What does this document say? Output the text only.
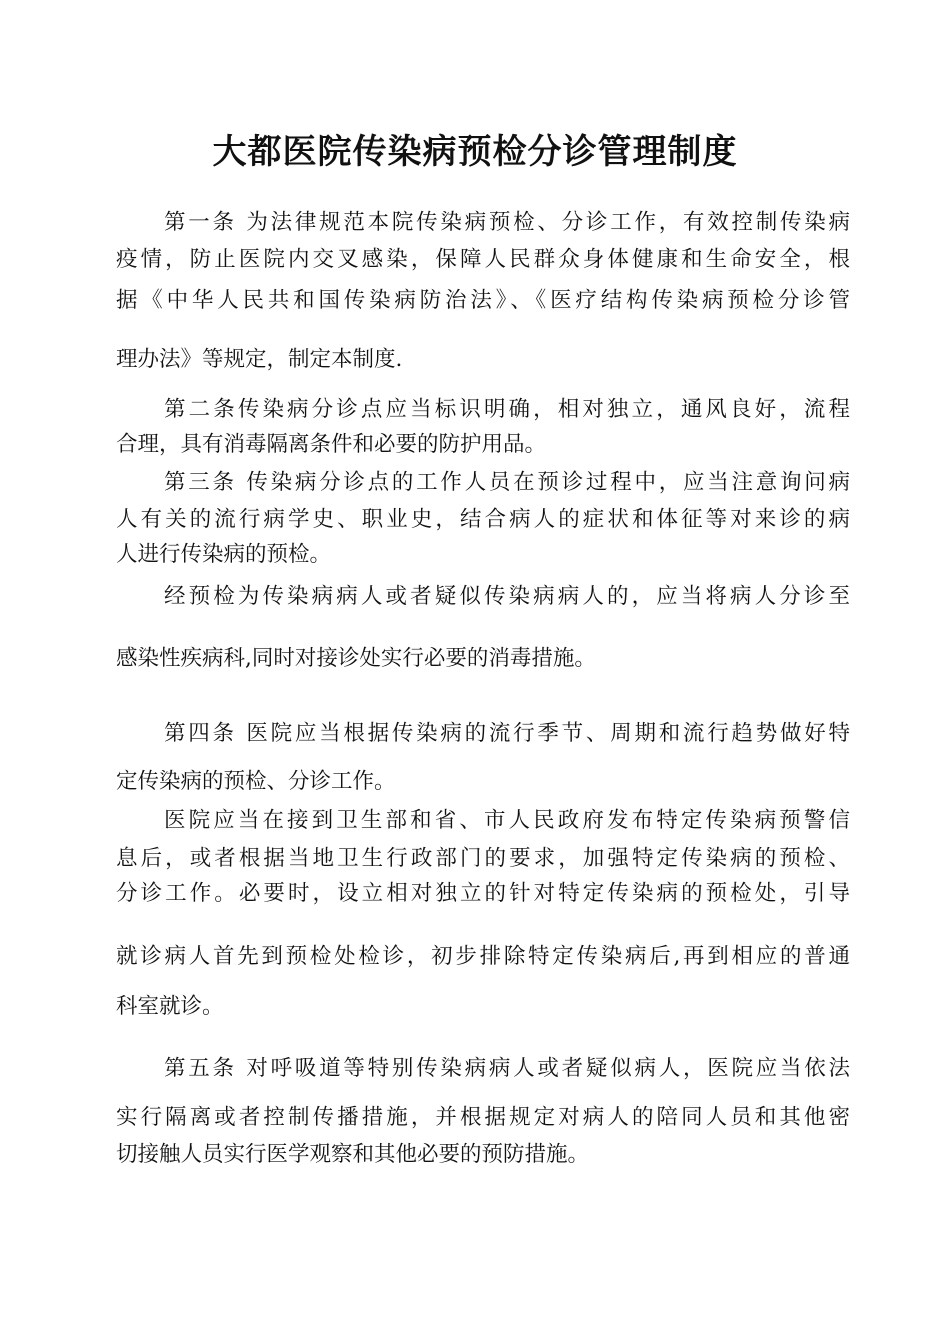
大都医院传染病预检分诊管理制度
第一条 为法律规范本院传染病预检、分诊工作，有效控制传染病
疫情，防止医院内交叉感染，保障人民群众身体健康和生命安全，根
据《中华人民共和国传染病防治法》、《医疗结构传染病预检分诊管
理办法》等规定，制定本制度.
第二条传染病分诊点应当标识明确，相对独立，通风良好，流程
合理，具有消毒隔离条件和必要的防护用品。
第三条 传染病分诊点的工作人员在预诊过程中，应当注意询问病
人有关的流行病学史、职业史，结合病人的症状和体征等对来诊的病
人进行传染病的预检。
经预检为传染病病人或者疑似传染病病人的，应当将病人分诊至
感染性疾病科,同时对接诊处实行必要的消毒措施。
第四条 医院应当根据传染病的流行季节、周期和流行趋势做好特
定传染病的预检、分诊工作。
医院应当在接到卫生部和省、市人民政府发布特定传染病预警信
息后，或者根据当地卫生行政部门的要求，加强特定传染病的预检、
分诊工作。必要时，设立相对独立的针对特定传染病的预检处，引导
就诊病人首先到预检处检诊，初步排除特定传染病后,再到相应的普通
科室就诊。
第五条 对呼吸道等特别传染病病人或者疑似病人，医院应当依法
实行隔离或者控制传播措施，并根据规定对病人的陪同人员和其他密
切接触人员实行医学观察和其他必要的预防措施。
